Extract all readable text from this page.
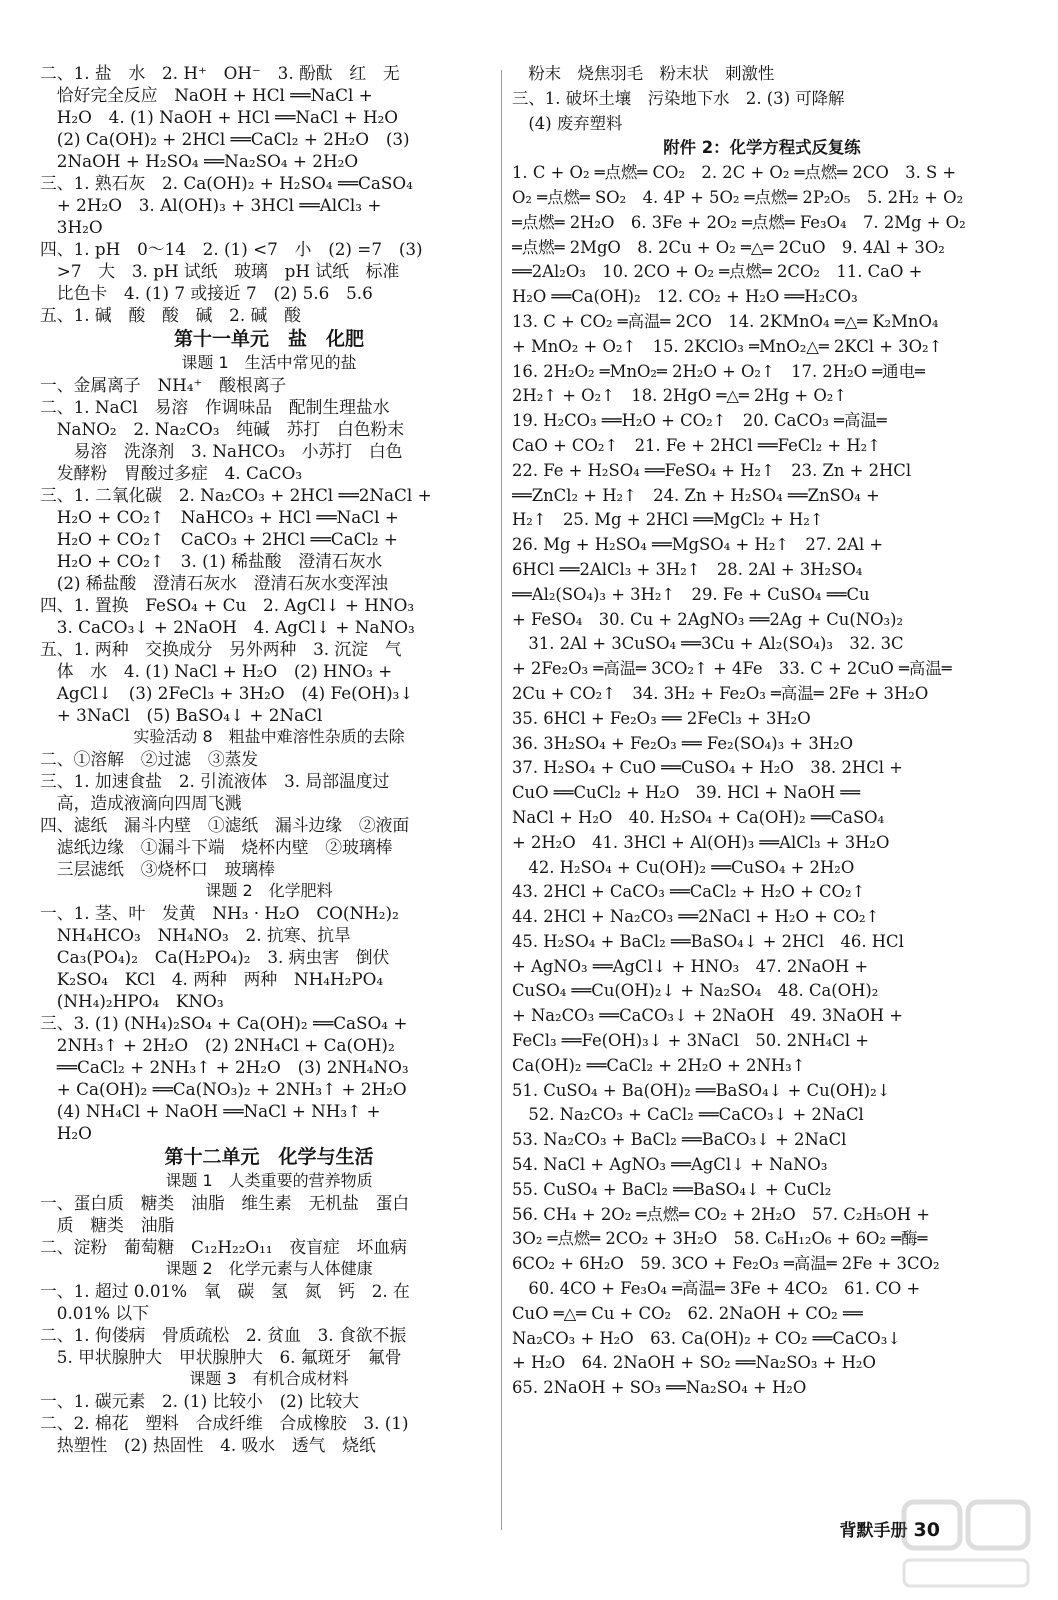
二、1. 盐　水　2. H⁺　OH⁻　3. 酚酞　红　无
　恰好完全反应　NaOH + HCl ══NaCl +
　H₂O　4. (1) NaOH + HCl ══NaCl + H₂O
　(2) Ca(OH)₂ + 2HCl ══CaCl₂ + 2H₂O　(3)
　2NaOH + H₂SO₄ ══Na₂SO₄ + 2H₂O
三、1. 熟石灰　2. Ca(OH)₂ + H₂SO₄ ══CaSO₄
　+ 2H₂O　3. Al(OH)₃ + 3HCl ══AlCl₃ +
　3H₂O
四、1. pH　0～14　2. (1) <7　小　(2) =7　(3)
　>7　大　3. pH 试纸　玻璃　pH 试纸　标准
　比色卡　4. (1) 7 或接近 7　(2) 5.6　5.6
五、1. 碱　酸　酸　碱　2. 碱　酸
第十一单元　盐　化肥
课题 1　生活中常见的盐
一、金属离子　NH₄⁺　酸根离子
二、1. NaCl　易溶　作调味品　配制生理盐水
　NaNO₂　2. Na₂CO₃　纯碱　苏打　白色粉末
　　易溶　洗涤剂　3. NaHCO₃　小苏打　白色
　发酵粉　胃酸过多症　4. CaCO₃
三、1. 二氧化碳　2. Na₂CO₃ + 2HCl ══2NaCl +
　H₂O + CO₂↑　NaHCO₃ + HCl ══NaCl +
　H₂O + CO₂↑　CaCO₃ + 2HCl ══CaCl₂ +
　H₂O + CO₂↑　3. (1) 稀盐酸　澄清石灰水
　(2) 稀盐酸　澄清石灰水　澄清石灰水变浑浊
四、1. 置换　FeSO₄ + Cu　2. AgCl↓ + HNO₃
　3. CaCO₃↓ + 2NaOH　4. AgCl↓ + NaNO₃
五、1. 两种　交换成分　另外两种　3. 沉淀　气
　体　水　4. (1) NaCl + H₂O　(2) HNO₃ +
　AgCl↓　(3) 2FeCl₃ + 3H₂O　(4) Fe(OH)₃↓
　+ 3NaCl　(5) BaSO₄↓ + 2NaCl
实验活动 8　粗盐中难溶性杂质的去除
二、①溶解　②过滤　③蒸发
三、1. 加速食盐　2. 引流液体　3. 局部温度过
　高，造成液滴向四周飞溅
四、滤纸　漏斗内壁　①滤纸　漏斗边缘　②液面
　滤纸边缘　①漏斗下端　烧杯内壁　②玻璃棒
　三层滤纸　③烧杯口　玻璃棒
课题 2　化学肥料
一、1. 茎、叶　发黄　NH₃ · H₂O　CO(NH₂)₂
　NH₄HCO₃　NH₄NO₃　2. 抗寒、抗旱
　Ca₃(PO₄)₂　Ca(H₂PO₄)₂　3. 病虫害　倒伏
　K₂SO₄　KCl　4. 两种　两种　NH₄H₂PO₄
　(NH₄)₂HPO₄　KNO₃
三、3. (1) (NH₄)₂SO₄ + Ca(OH)₂ ══CaSO₄ +
　2NH₃↑ + 2H₂O　(2) 2NH₄Cl + Ca(OH)₂
　══CaCl₂ + 2NH₃↑ + 2H₂O　(3) 2NH₄NO₃
　+ Ca(OH)₂ ══Ca(NO₃)₂ + 2NH₃↑ + 2H₂O
　(4) NH₄Cl + NaOH ══NaCl + NH₃↑ +
　H₂O
第十二单元　化学与生活
课题 1　人类重要的营养物质
一、蛋白质　糖类　油脂　维生素　无机盐　蛋白
　质　糖类　油脂
二、淀粉　葡萄糖　C₁₂H₂₂O₁₁　夜盲症　坏血病
课题 2　化学元素与人体健康
一、1. 超过 0.01%　氧　碳　氢　氮　钙　2. 在
　0.01% 以下
二、1. 佝偻病　骨质疏松　2. 贫血　3. 食欲不振
　5. 甲状腺肿大　甲状腺肿大　6. 氟斑牙　氟骨
课题 3　有机合成材料
一、1. 碳元素　2. (1) 比较小　(2) 比较大
二、2. 棉花　塑料　合成纤维　合成橡胶　3. (1)
　热塑性　(2) 热固性　4. 吸水　透气　烧纸
　粉末　烧焦羽毛　粉末状　刺激性
三、1. 破坏土壤　污染地下水　2. (3) 可降解
　(4) 废弃塑料
附件 2：化学方程式反复练
1. C + O₂ ═点燃═ CO₂　2. 2C + O₂ ═点燃═ 2CO　3. S +
O₂ ═点燃═ SO₂　4. 4P + 5O₂ ═点燃═ 2P₂O₅　5. 2H₂ + O₂
═点燃═ 2H₂O　6. 3Fe + 2O₂ ═点燃═ Fe₃O₄　7. 2Mg + O₂
═点燃═ 2MgO　8. 2Cu + O₂ ═△═ 2CuO　9. 4Al + 3O₂
══2Al₂O₃　10. 2CO + O₂ ═点燃═ 2CO₂　11. CaO +
H₂O ══Ca(OH)₂　12. CO₂ + H₂O ══H₂CO₃
13. C + CO₂ ═高温═ 2CO　14. 2KMnO₄ ═△═ K₂MnO₄
+ MnO₂ + O₂↑　15. 2KClO₃ ═MnO₂△═ 2KCl + 3O₂↑
16. 2H₂O₂ ═MnO₂═ 2H₂O + O₂↑　17. 2H₂O ═通电═
2H₂↑ + O₂↑　18. 2HgO ═△═ 2Hg + O₂↑
19. H₂CO₃ ══H₂O + CO₂↑　20. CaCO₃ ═高温═
CaO + CO₂↑　21. Fe + 2HCl ══FeCl₂ + H₂↑
22. Fe + H₂SO₄ ══FeSO₄ + H₂↑　23. Zn + 2HCl
══ZnCl₂ + H₂↑　24. Zn + H₂SO₄ ══ZnSO₄ +
H₂↑　25. Mg + 2HCl ══MgCl₂ + H₂↑
26. Mg + H₂SO₄ ══MgSO₄ + H₂↑　27. 2Al +
6HCl ══2AlCl₃ + 3H₂↑　28. 2Al + 3H₂SO₄
══Al₂(SO₄)₃ + 3H₂↑　29. Fe + CuSO₄ ══Cu
+ FeSO₄　30. Cu + 2AgNO₃ ══2Ag + Cu(NO₃)₂
　31. 2Al + 3CuSO₄ ══3Cu + Al₂(SO₄)₃　32. 3C
+ 2Fe₂O₃ ═高温═ 3CO₂↑ + 4Fe　33. C + 2CuO ═高温═
2Cu + CO₂↑　34. 3H₂ + Fe₂O₃ ═高温═ 2Fe + 3H₂O
35. 6HCl + Fe₂O₃ ══ 2FeCl₃ + 3H₂O
36. 3H₂SO₄ + Fe₂O₃ ══ Fe₂(SO₄)₃ + 3H₂O
37. H₂SO₄ + CuO ══CuSO₄ + H₂O　38. 2HCl +
CuO ══CuCl₂ + H₂O　39. HCl + NaOH ══
NaCl + H₂O　40. H₂SO₄ + Ca(OH)₂ ══CaSO₄
+ 2H₂O　41. 3HCl + Al(OH)₃ ══AlCl₃ + 3H₂O
　42. H₂SO₄ + Cu(OH)₂ ══CuSO₄ + 2H₂O
43. 2HCl + CaCO₃ ══CaCl₂ + H₂O + CO₂↑
44. 2HCl + Na₂CO₃ ══2NaCl + H₂O + CO₂↑
45. H₂SO₄ + BaCl₂ ══BaSO₄↓ + 2HCl　46. HCl
+ AgNO₃ ══AgCl↓ + HNO₃　47. 2NaOH +
CuSO₄ ══Cu(OH)₂↓ + Na₂SO₄　48. Ca(OH)₂
+ Na₂CO₃ ══CaCO₃↓ + 2NaOH　49. 3NaOH +
FeCl₃ ══Fe(OH)₃↓ + 3NaCl　50. 2NH₄Cl +
Ca(OH)₂ ══CaCl₂ + 2H₂O + 2NH₃↑
51. CuSO₄ + Ba(OH)₂ ══BaSO₄↓ + Cu(OH)₂↓
　52. Na₂CO₃ + CaCl₂ ══CaCO₃↓ + 2NaCl
53. Na₂CO₃ + BaCl₂ ══BaCO₃↓ + 2NaCl
54. NaCl + AgNO₃ ══AgCl↓ + NaNO₃
55. CuSO₄ + BaCl₂ ══BaSO₄↓ + CuCl₂
56. CH₄ + 2O₂ ═点燃═ CO₂ + 2H₂O　57. C₂H₅OH +
3O₂ ═点燃═ 2CO₂ + 3H₂O　58. C₆H₁₂O₆ + 6O₂ ═酶═
6CO₂ + 6H₂O　59. 3CO + Fe₂O₃ ═高温═ 2Fe + 3CO₂
　60. 4CO + Fe₃O₄ ═高温═ 3Fe + 4CO₂　61. CO +
CuO ═△═ Cu + CO₂　62. 2NaOH + CO₂ ══
Na₂CO₃ + H₂O　63. Ca(OH)₂ + CO₂ ══CaCO₃↓
+ H₂O　64. 2NaOH + SO₂ ══Na₂SO₃ + H₂O
65. 2NaOH + SO₃ ══Na₂SO₄ + H₂O
背默手册 30
